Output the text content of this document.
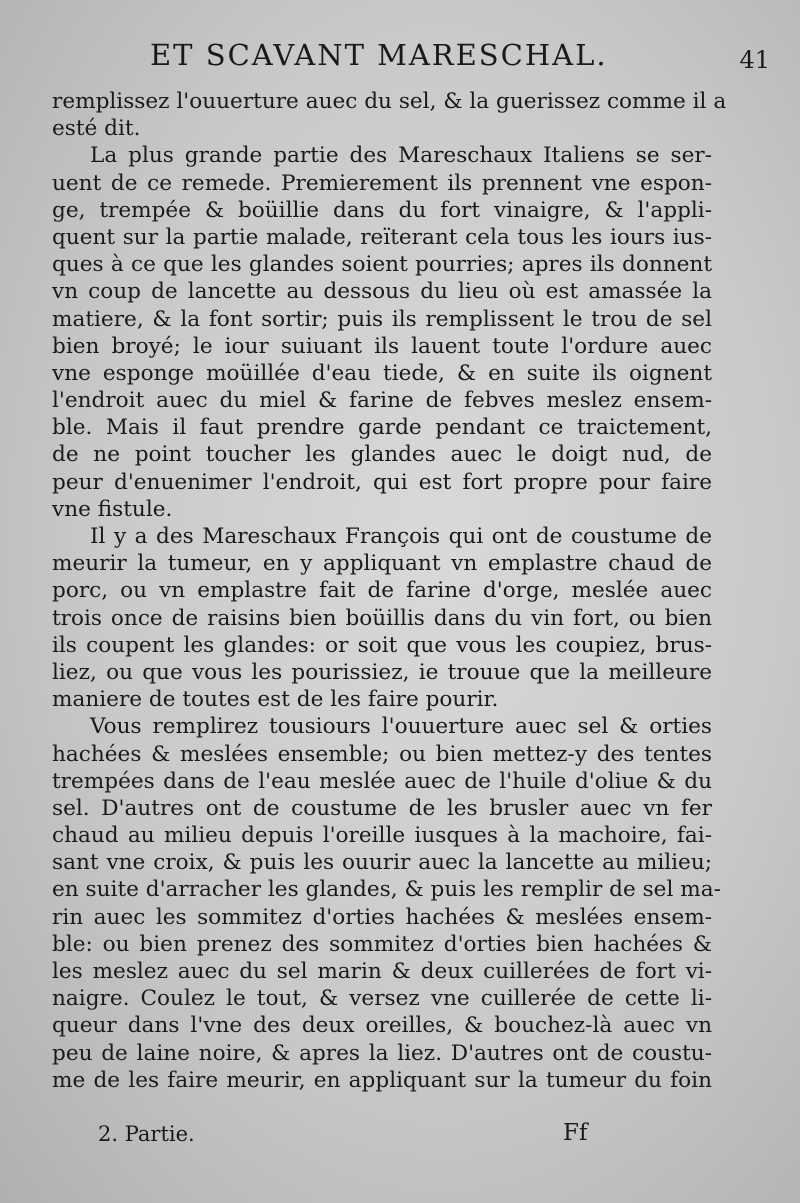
ET SCAVANT MARESCHAL.	41
remplissez l'ouuerture auec du sel, & la guerissez comme il a
esté dit.
La plus grande partie des Mareschaux Italiens se ser-
uent de ce remede. Premierement ils prennent vne espon-
ge, trempée & boüillie dans du fort vinaigre, & l'appli-
quent sur la partie malade, reïterant cela tous les iours ius-
ques à ce que les glandes soient pourries; apres ils donnent
vn coup de lancette au dessous du lieu où est amassée la
matiere, & la font sortir; puis ils remplissent le trou de sel
bien broyé; le iour suiuant ils lauent toute l'ordure auec
vne esponge moüillée d'eau tiede, & en suite ils oignent
l'endroit auec du miel & farine de febves meslez ensem-
ble. Mais il faut prendre garde pendant ce traictement,
de ne point toucher les glandes auec le doigt nud, de
peur d'enuenimer l'endroit, qui est fort propre pour faire
vne fistule.
Il y a des Mareschaux François qui ont de coustume de
meurir la tumeur, en y appliquant vn emplastre chaud de
porc, ou vn emplastre fait de farine d'orge, meslée auec
trois once de raisins bien boüillis dans du vin fort, ou bien
ils coupent les glandes: or soit que vous les coupiez, brus-
liez, ou que vous les pourissiez, ie trouue que la meilleure
maniere de toutes est de les faire pourir.
Vous remplirez tousiours l'ouuerture auec sel & orties
hachées & meslées ensemble; ou bien mettez-y des tentes
trempées dans de l'eau meslée auec de l'huile d'oliue & du
sel. D'autres ont de coustume de les brusler auec vn fer
chaud au milieu depuis l'oreille iusques à la machoire, fai-
sant vne croix, & puis les ouurir auec la lancette au milieu;
en suite d'arracher les glandes, & puis les remplir de sel ma-
rin auec les sommitez d'orties hachées & meslées ensem-
ble: ou bien prenez des sommitez d'orties bien hachées &
les meslez auec du sel marin & deux cuillerées de fort vi-
naigre. Coulez le tout, & versez vne cuillerée de cette li-
queur dans l'vne des deux oreilles, & bouchez-là auec vn
peu de laine noire, & apres la liez. D'autres ont de coustu-
me de les faire meurir, en appliquant sur la tumeur du foin
2. Partie.	Ff
